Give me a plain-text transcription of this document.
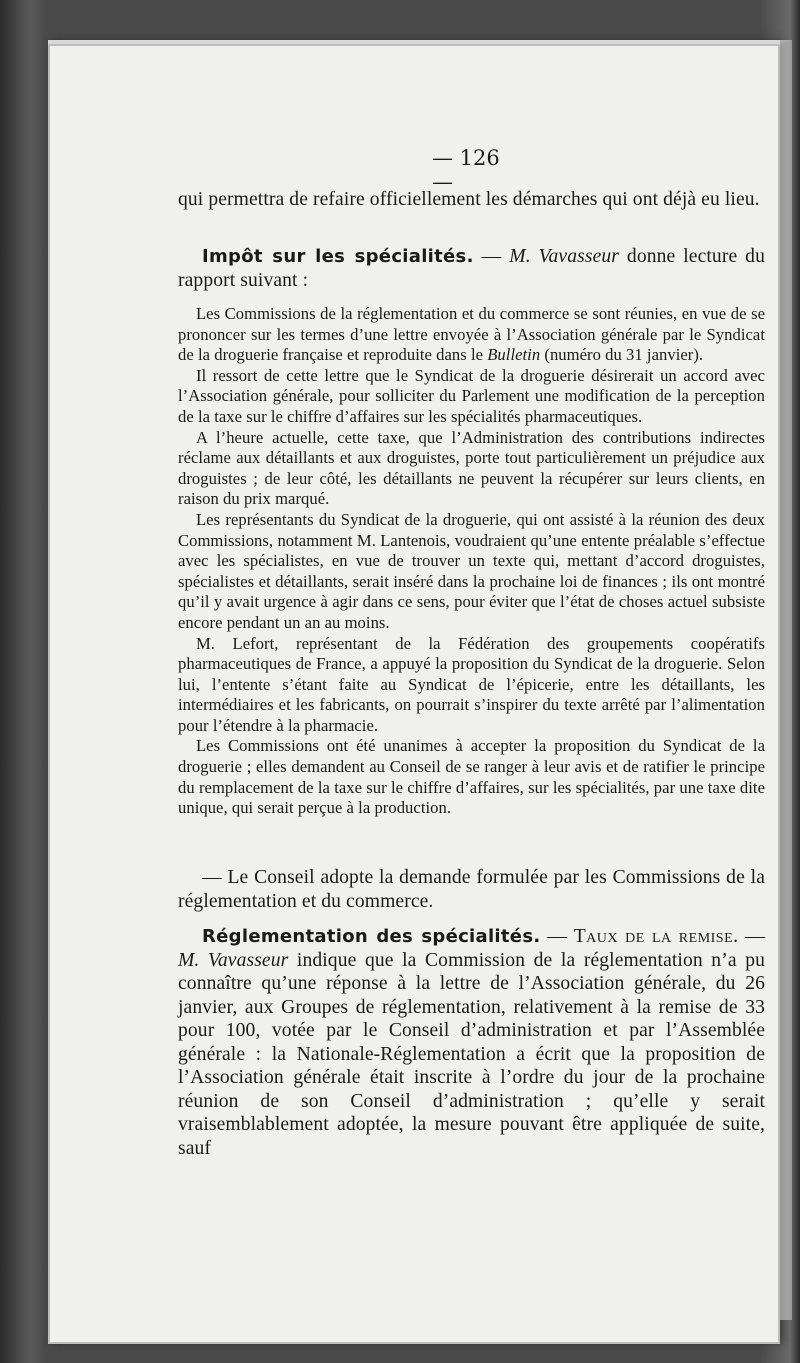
— 126 —

qui permettra de refaire officiellement les démarches qui ont déjà eu lieu.

Impôt sur les spécialités. — M. Vavasseur donne lecture du rapport suivant :

Les Commissions de la réglementation et du commerce se sont réunies, en vue de se prononcer sur les termes d’une lettre envoyée à l’Association générale par le Syndicat de la droguerie française et reproduite dans le Bulletin (numéro du 31 janvier).

Il ressort de cette lettre que le Syndicat de la droguerie désirerait un accord avec l’Association générale, pour solliciter du Parlement une modification de la perception de la taxe sur le chiffre d’affaires sur les spécialités pharmaceutiques.

A l’heure actuelle, cette taxe, que l’Administration des contributions indirectes réclame aux détaillants et aux droguistes, porte tout particulièrement un préjudice aux droguistes ; de leur côté, les détaillants ne peuvent la récupérer sur leurs clients, en raison du prix marqué.

Les représentants du Syndicat de la droguerie, qui ont assisté à la réunion des deux Commissions, notamment M. Lantenois, voudraient qu’une entente préalable s’effectue avec les spécialistes, en vue de trouver un texte qui, mettant d’accord droguistes, spécialistes et détaillants, serait inséré dans la prochaine loi de finances ; ils ont montré qu’il y avait urgence à agir dans ce sens, pour éviter que l’état de choses actuel subsiste encore pendant un an au moins.

M. Lefort, représentant de la Fédération des groupements coopératifs pharmaceutiques de France, a appuyé la proposition du Syndicat de la droguerie. Selon lui, l’entente s’étant faite au Syndicat de l’épicerie, entre les détaillants, les intermédiaires et les fabricants, on pourrait s’inspirer du texte arrêté par l’alimentation pour l’étendre à la pharmacie.

Les Commissions ont été unanimes à accepter la proposition du Syndicat de la droguerie ; elles demandent au Conseil de se ranger à leur avis et de ratifier le principe du remplacement de la taxe sur le chiffre d’affaires, sur les spécialités, par une taxe dite unique, qui serait perçue à la production.

— Le Conseil adopte la demande formulée par les Commissions de la réglementation et du commerce.

Réglementation des spécialités. — Taux de la remise. — M. Vavasseur indique que la Commission de la réglementation n’a pu connaître qu’une réponse à la lettre de l’Association générale, du 26 janvier, aux Groupes de réglementation, relativement à la remise de 33 pour 100, votée par le Conseil d’administration et par l’Assemblée générale : la Nationale-Réglementation a écrit que la proposition de l’Association générale était inscrite à l’ordre du jour de la prochaine réunion de son Conseil d’administration ; qu’elle y serait vraisemblablement adoptée, la mesure pouvant être appliquée de suite, sauf
